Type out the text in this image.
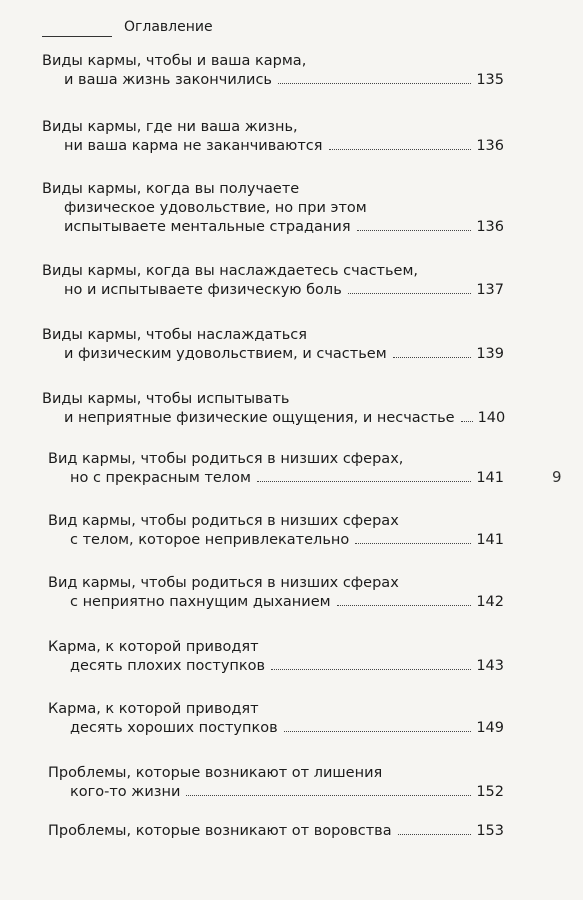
Оглавление
Виды кармы, чтобы и ваша карма,
и ваша жизнь закончились	135
Виды кармы, где ни ваша жизнь,
ни ваша карма не заканчиваются	136
Виды кармы, когда вы получаете
физическое удовольствие, но при этом
испытываете ментальные страдания	136
Виды кармы, когда вы наслаждаетесь счастьем,
но и испытываете физическую боль	137
Виды кармы, чтобы наслаждаться
и физическим удовольствием, и счастьем	139
Виды кармы, чтобы испытывать
и неприятные физические ощущения, и несчастье 140
Вид кармы, чтобы родиться в низших сферах,
но с прекрасным телом	141
Вид кармы, чтобы родиться в низших сферах
с телом, которое непривлекательно	141
Вид кармы, чтобы родиться в низших сферах
с неприятно пахнущим дыханием	142
Карма, к которой приводят
десять плохих поступков	143
Карма, к которой приводят
десять хороших поступков	149
Проблемы, которые возникают от лишения
кого-то жизни	152
Проблемы, которые возникают от воровства	153
9
